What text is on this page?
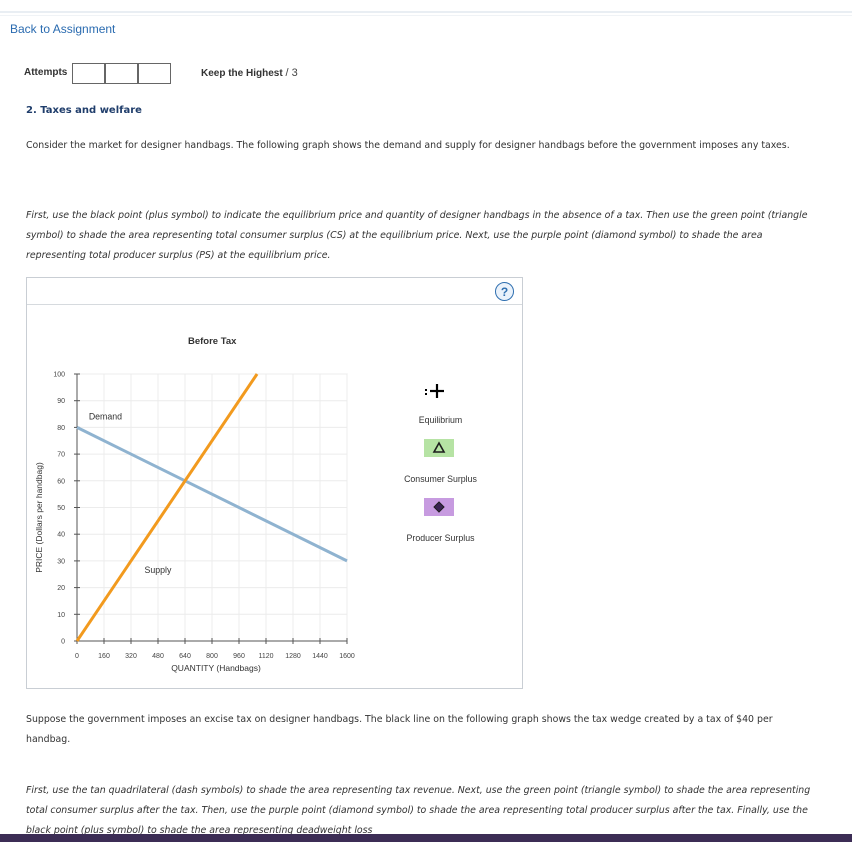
Back to Assignment
Attempts	Keep the Highest / 3
2. Taxes and welfare
Consider the market for designer handbags. The following graph shows the demand and supply for designer handbags before the government imposes any taxes.
First, use the black point (plus symbol) to indicate the equilibrium price and quantity of designer handbags in the absence of a tax. Then use the green point (triangle symbol) to shade the area representing total consumer surplus (CS) at the equilibrium price. Next, use the purple point (diamond symbol) to shade the area representing total producer surplus (PS) at the equilibrium price.
?
Before Tax
0
10
20
30
40
50
60
70
80
90
100
0	160 320 480 640 800 960 1120 1280 1440 1600
QUANTITY (Handbags)
PRICE (Dollars per handbag)
Demand
Supply
Equilibrium
Consumer Surplus
Producer Surplus
Suppose the government imposes an excise tax on designer handbags. The black line on the following graph shows the tax wedge created by a tax of $40 per handbag.
First, use the tan quadrilateral (dash symbols) to shade the area representing tax revenue. Next, use the green point (triangle symbol) to shade the area representing total consumer surplus after the tax. Then, use the purple point (diamond symbol) to shade the area representing total producer surplus after the tax. Finally, use the black point (plus symbol) to shade the area representing deadweight loss
